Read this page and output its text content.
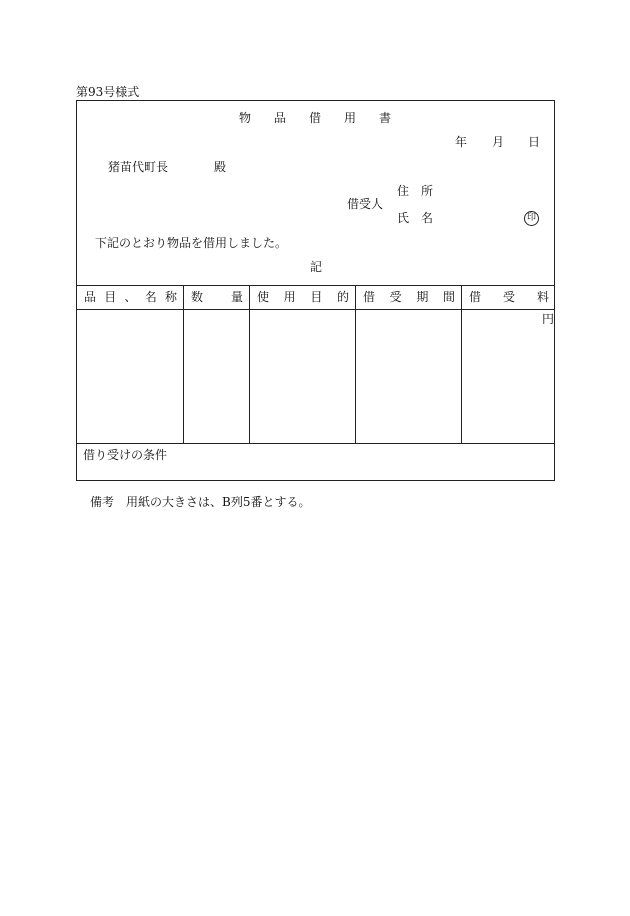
第93号様式
物 品 借 用 書
年 月 日
猪苗代町長	殿
借受人
住　所
氏　名	印
下記のとおり物品を借用しました。
記
品 目 、 名 称 数 量 使 用 目 的 借 受 期 間 借 受 料
円
借り受けの条件
備考　用紙の大きさは、B列5番とする。
